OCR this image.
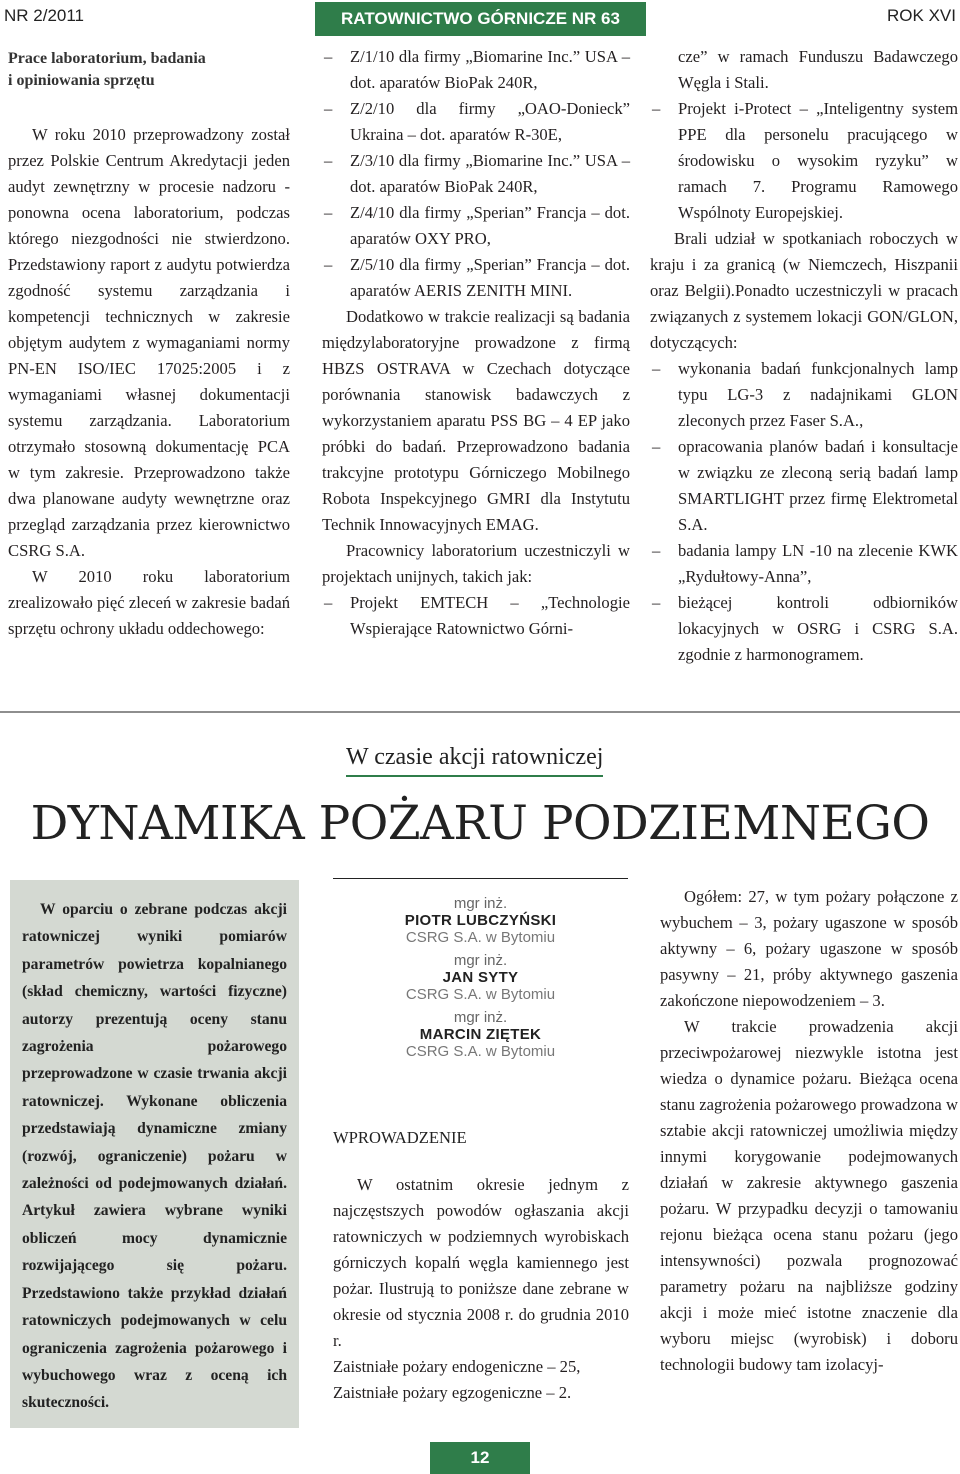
NR 2/2011	RATOWNICTWO GÓRNICZE NR 63	ROK XVI
Prace laboratorium, badania
i opiniowania sprzętu

W roku 2010 przeprowadzony został przez Polskie Centrum Akredytacji jeden audyt zewnętrzny w procesie nadzoru - ponowna ocena laboratorium, podczas którego niezgodności nie stwierdzono. Przedstawiony raport z audytu potwierdza zgodność systemu zarządzania i kompetencji technicznych w zakresie objętym audytem z wymaganiami normy PN-EN ISO/IEC 17025:2005 i z wymaganiami własnej dokumentacji systemu zarządzania. Laboratorium otrzymało stosowną dokumentację PCA w tym zakresie. Przeprowadzono także dwa planowane audyty wewnętrzne oraz przegląd zarządzania przez kierownictwo CSRG S.A.

W 2010 roku laboratorium zrealizowało pięć zleceń w zakresie badań sprzętu ochrony układu oddechowego:

– Z/1/10 dla firmy „Biomarine Inc.” USA – dot. aparatów BioPak 240R,
– Z/2/10 dla firmy „OAO-Donieck” Ukraina – dot. aparatów R-30E,
– Z/3/10 dla firmy „Biomarine Inc.” USA – dot. aparatów BioPak 240R,
– Z/4/10 dla firmy „Sperian” Francja – dot. aparatów OXY PRO,
– Z/5/10 dla firmy „Sperian” Francja – dot. aparatów AERIS ZENITH MINI.

Dodatkowo w trakcie realizacji są badania międzylaboratoryjne prowadzone z firmą HBZS OSTRAVA w Czechach dotyczące porównania stanowisk badawczych z wykorzystaniem aparatu PSS BG – 4 EP jako próbki do badań. Przeprowadzono badania trakcyjne prototypu Górniczego Mobilnego Robota Inspekcyjnego GMRI dla Instytutu Technik Innowacyjnych EMAG.

Pracownicy laboratorium uczestniczyli w projektach unijnych, takich jak:

– Projekt EMTECH – „Technologie Wspierające Ratownictwo Górni-
cze” w ramach Funduszu Badawczego Węgla i Stali.
– Projekt i-Protect – „Inteligentny system PPE dla personelu pracującego w środowisku o wysokim ryzyku” w ramach 7. Programu Ramowego Wspólnoty Europejskiej.

Brali udział w spotkaniach roboczych w kraju i za granicą (w Niemczech, Hiszpanii oraz Belgii).Ponadto uczestniczyli w pracach związanych z systemem lokacji GON/GLON, dotyczących:

– wykonania badań funkcjonalnych lamp typu LG-3 z nadajnikami GLON zleconych przez Faser S.A.,
– opracowania planów badań i konsultacje w związku ze zleconą serią badań lamp SMARTLIGHT przez firmę Elektrometal S.A.
– badania lampy LN -10 na zlecenie KWK „Rydułtowy-Anna”,
– bieżącej kontroli odbiorników lokacyjnych w OSRG i CSRG S.A. zgodnie z harmonogramem.
W czasie akcji ratowniczej
DYNAMIKA POŻARU PODZIEMNEGO

W oparciu o zebrane podczas akcji ratowniczej wyniki pomiarów parametrów powietrza kopalnianego (skład chemiczny, wartości fizyczne) autorzy prezentują oceny stanu zagrożenia pożarowego przeprowadzone w czasie trwania akcji ratowniczej. Wykonane obliczenia przedstawiają dynamiczne zmiany (rozwój, ograniczenie) pożaru w zależności od podejmowanych działań. Artykuł zawiera wybrane wyniki obliczeń mocy dynamicznie rozwijającego się pożaru. Przedstawiono także przykład działań ratowniczych podejmowanych w celu ograniczenia zagrożenia pożarowego i wybuchowego wraz z oceną ich skuteczności.

mgr inż.
PIOTR LUBCZYŃSKI
CSRG S.A. w Bytomiu
mgr inż.
JAN SYTY
CSRG S.A. w Bytomiu
mgr inż.
MARCIN ZIĘTEK
CSRG S.A. w Bytomiu
WPROWADZENIE

W ostatnim okresie jednym z najczęstszych powodów ogłaszania akcji ratowniczych w podziemnych wyrobiskach górniczych kopalń węgla kamiennego jest pożar. Ilustrują to poniższe dane zebrane w okresie od stycznia 2008 r. do grudnia 2010 r.

Zaistniałe pożary endogeniczne – 25,

Zaistniałe pożary egzogeniczne – 2.

Ogółem: 27, w tym pożary połączone z wybuchem – 3, pożary ugaszone w sposób aktywny – 6, pożary ugaszone w sposób pasywny – 21, próby aktywnego gaszenia zakończone niepowodzeniem – 3.

W trakcie prowadzenia akcji przeciwpożarowej niezwykle istotna jest wiedza o dynamice pożaru. Bieżąca ocena stanu zagrożenia pożarowego prowadzona w sztabie akcji ratowniczej umożliwia między innymi korygowanie podejmowanych działań w zakresie aktywnego gaszenia pożaru. W przypadku decyzji o tamowaniu rejonu bieżąca ocena stanu pożaru (jego intensywności) pozwala prognozować parametry pożaru na najbliższe godziny akcji i może mieć istotne znaczenie dla wyboru miejsc (wyrobisk) i doboru technologii budowy tam izolacyj-

12
